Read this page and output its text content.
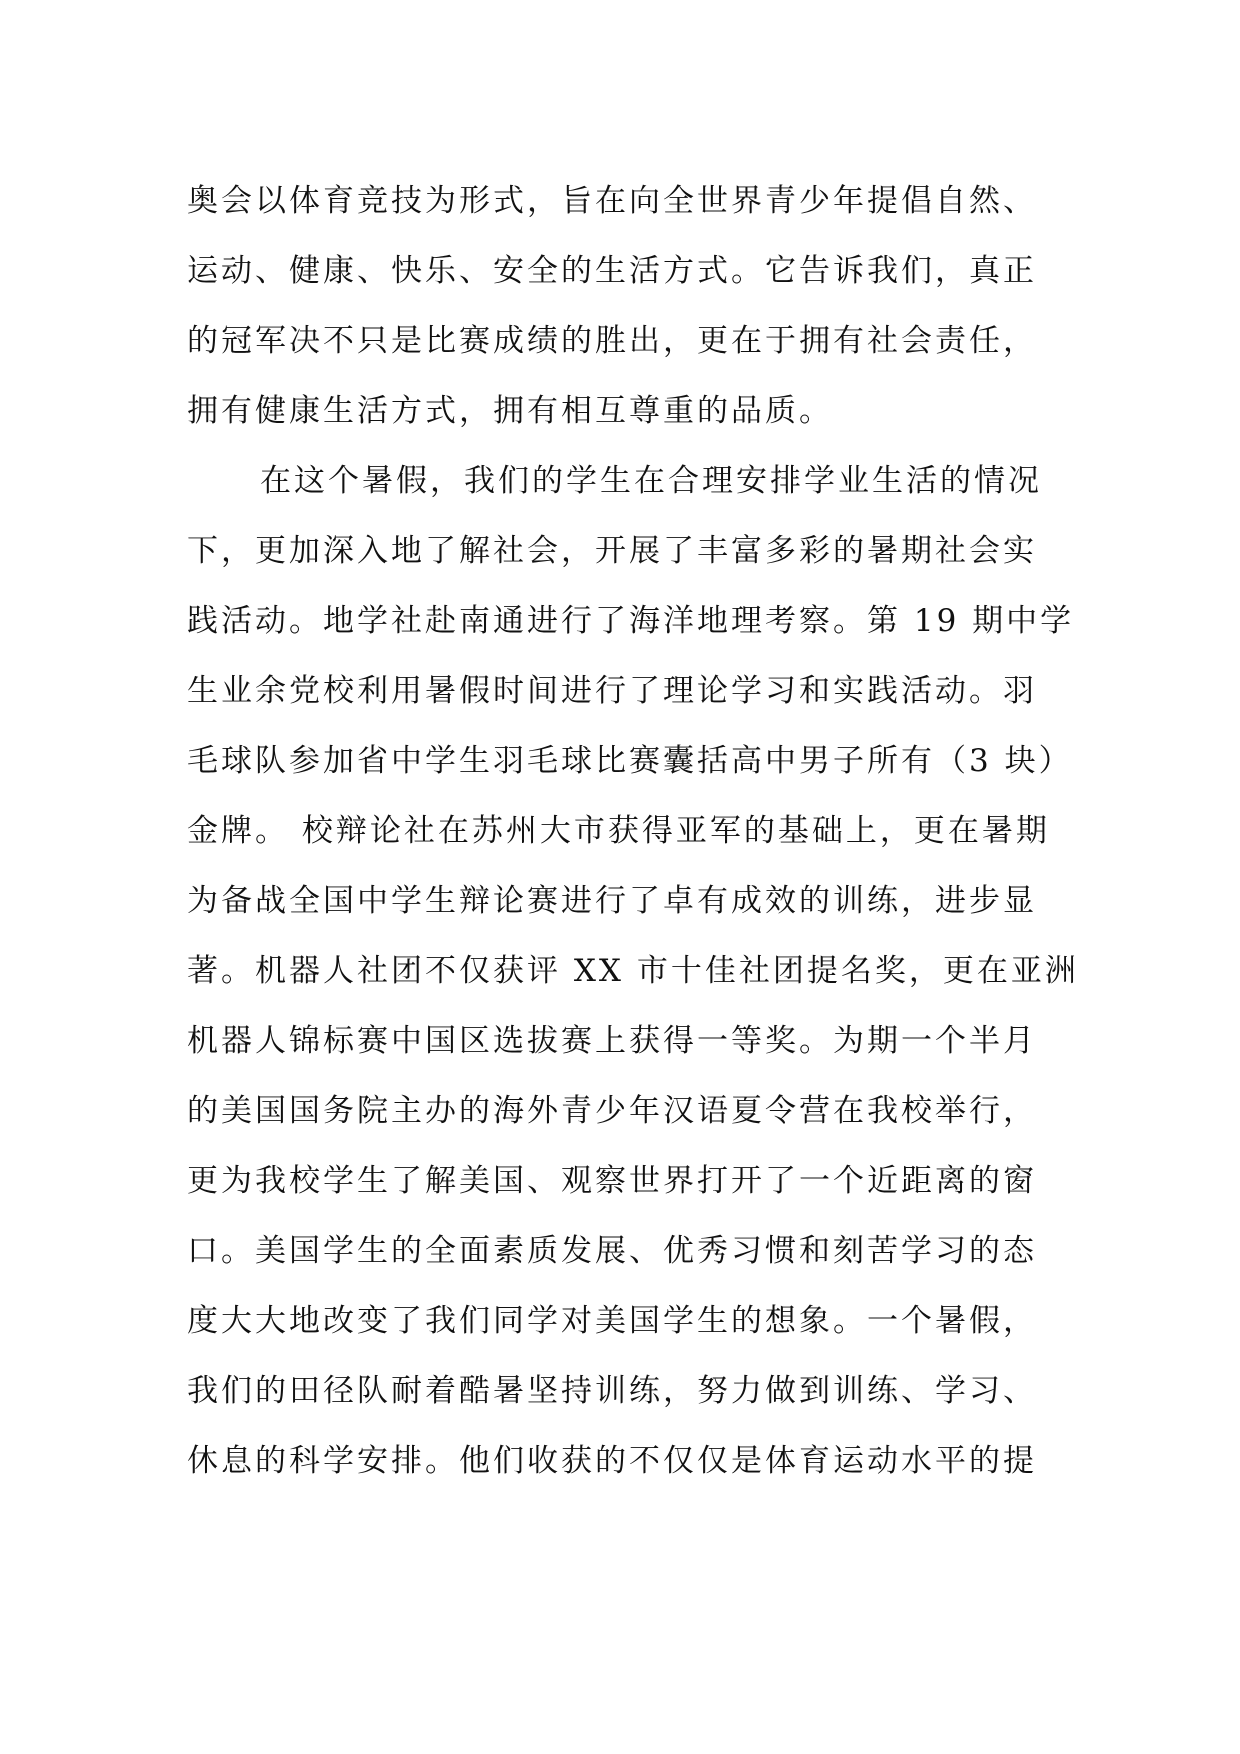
奥会以体育竞技为形式，旨在向全世界青少年提倡自然、
运动、健康、快乐、安全的生活方式。它告诉我们，真正
的冠军决不只是比赛成绩的胜出，更在于拥有社会责任，
拥有健康生活方式，拥有相互尊重的品质。
在这个暑假，我们的学生在合理安排学业生活的情况
下，更加深入地了解社会，开展了丰富多彩的暑期社会实
践活动。地学社赴南通进行了海洋地理考察。第 19 期中学
生业余党校利用暑假时间进行了理论学习和实践活动。羽
毛球队参加省中学生羽毛球比赛囊括高中男子所有（3 块）
金牌。 校辩论社在苏州大市获得亚军的基础上，更在暑期
为备战全国中学生辩论赛进行了卓有成效的训练，进步显
著。机器人社团不仅获评 XX 市十佳社团提名奖，更在亚洲
机器人锦标赛中国区选拔赛上获得一等奖。为期一个半月
的美国国务院主办的海外青少年汉语夏令营在我校举行，
更为我校学生了解美国、观察世界打开了一个近距离的窗
口。美国学生的全面素质发展、优秀习惯和刻苦学习的态
度大大地改变了我们同学对美国学生的想象。一个暑假，
我们的田径队耐着酷暑坚持训练，努力做到训练、学习、
休息的科学安排。他们收获的不仅仅是体育运动水平的提
